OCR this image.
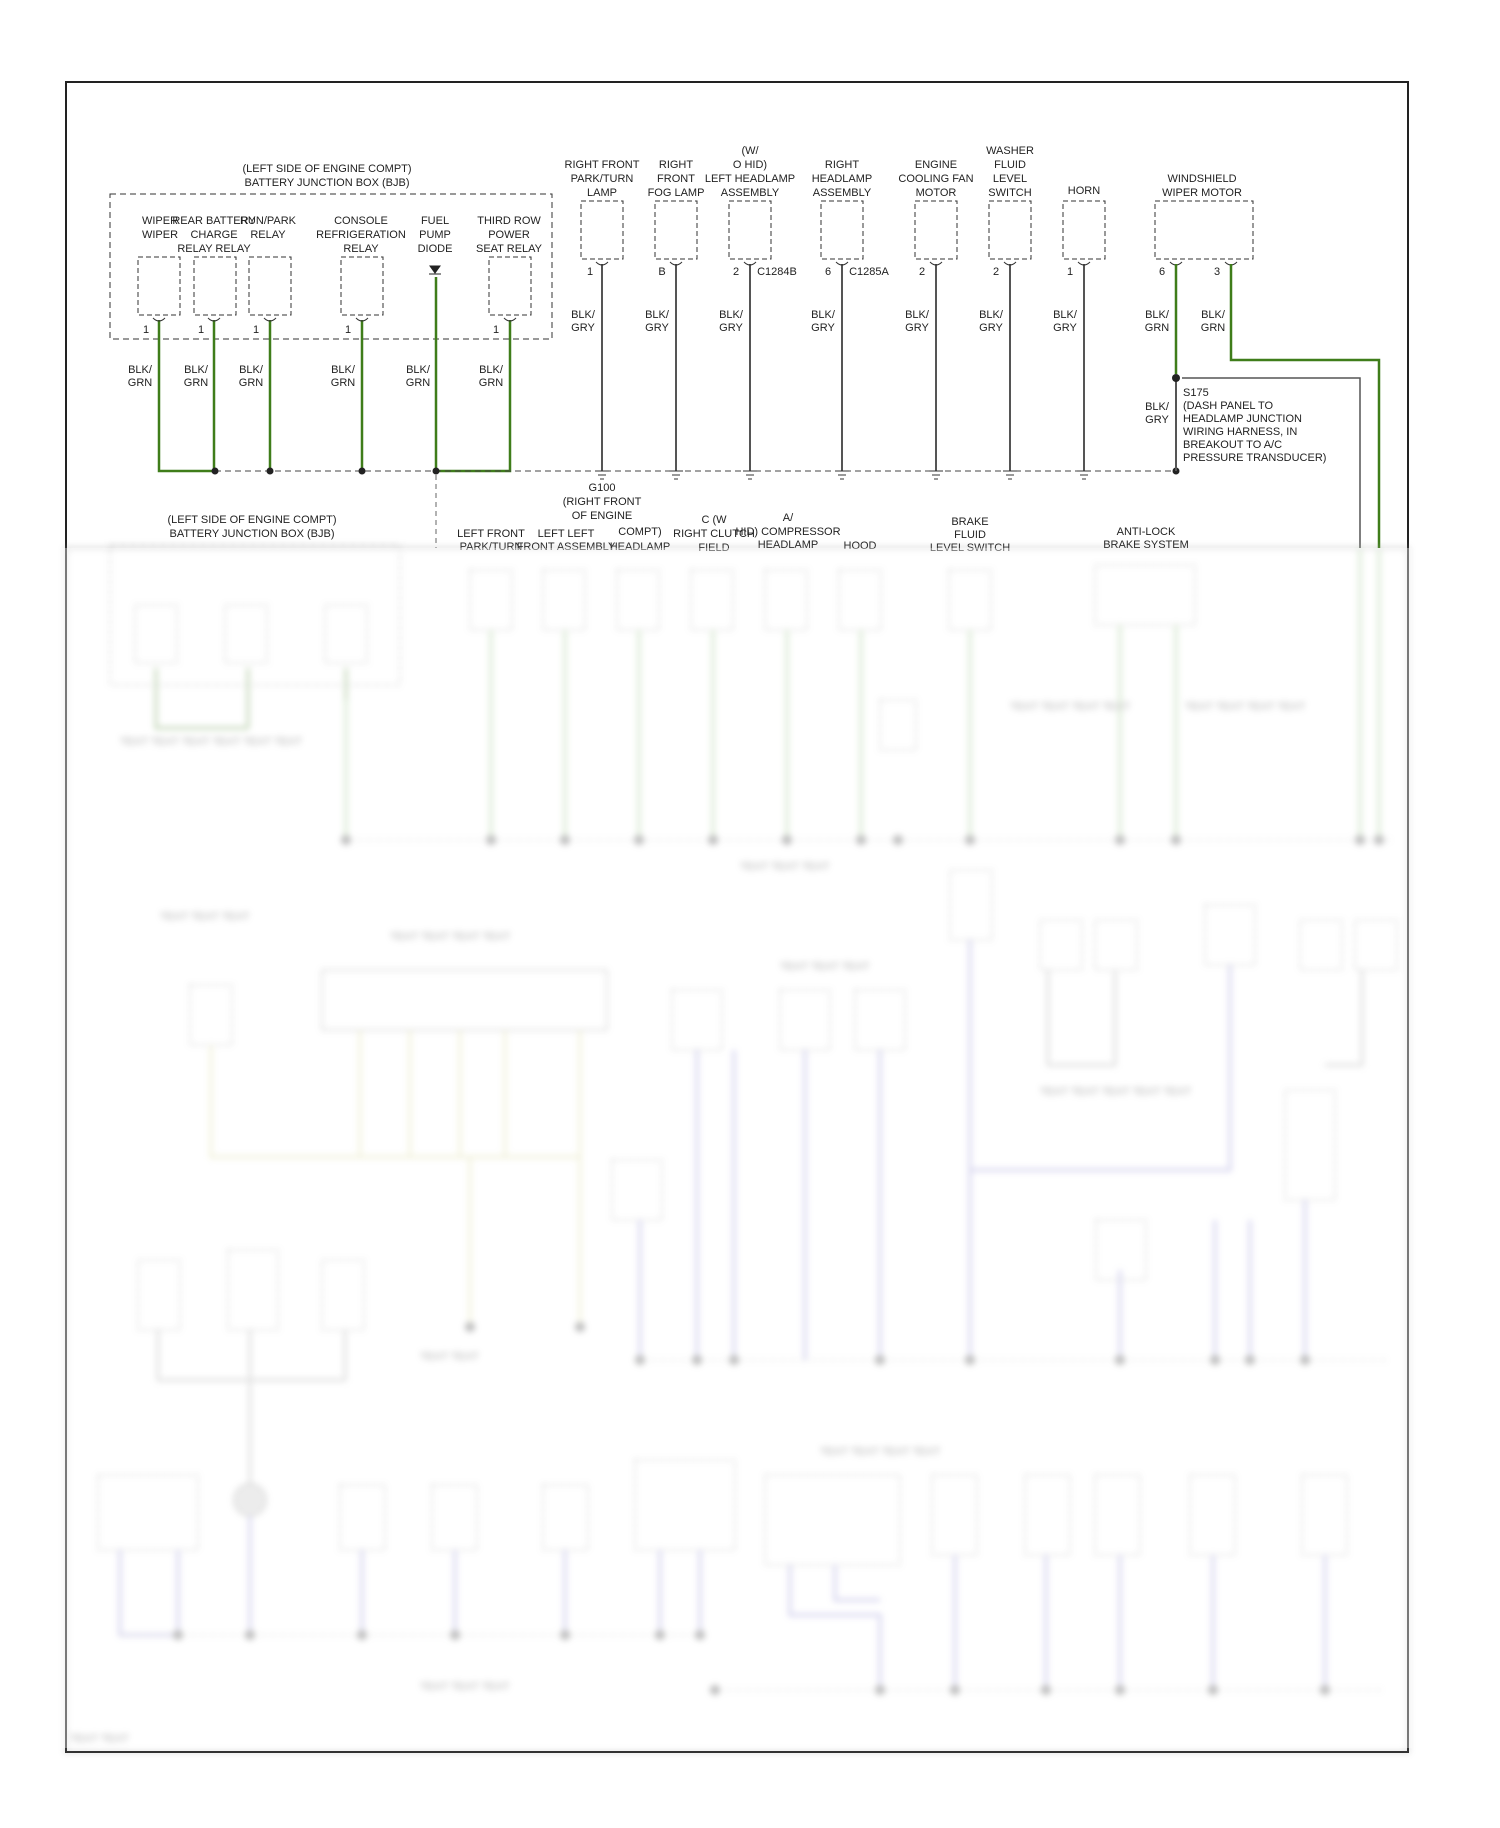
(LEFT SIDE OF ENGINE COMPT)
BATTERY JUNCTION BOX (BJB)
WIPER
WIPER
1
BLK/
GRN
REAR BATTERY
CHARGE
RELAY RELAY
1
BLK/
GRN
RUN/PARK
RELAY
1
BLK/
GRN
CONSOLE
REFRIGERATION
RELAY
1
BLK/
GRN
FUEL
PUMP
DIODE
BLK/
GRN
THIRD ROW
POWER
SEAT RELAY
1
BLK/
GRN
RIGHT FRONT
PARK/TURN
LAMP
1
BLK/
GRY
RIGHT
FRONT
FOG LAMP
B
BLK/
GRY
(W/
O HID)
LEFT HEADLAMP
ASSEMBLY
2 C1284B
BLK/
GRY
RIGHT
HEADLAMP
ASSEMBLY
6 C1285A
BLK/
GRY
ENGINE
COOLING FAN
MOTOR
2
BLK/
GRY
WASHER
FLUID
LEVEL
SWITCH
2
BLK/
GRY
HORN
1
BLK/
GRY
WINDSHIELD
WIPER MOTOR
6	3
BLK/
GRN
BLK/
GRN
S175
(DASH PANEL TO
HEADLAMP JUNCTION
WIRING HARNESS, IN
BREAKOUT TO A/C
PRESSURE TRANSDUCER)
BLK/
GRY
G100
(RIGHT FRONT
OF ENGINE
COMPT)
(LEFT SIDE OF ENGINE COMPT)
BATTERY JUNCTION BOX (BJB)	LEFT FRONT
PARK/TURN
LEFT LEFT
FRONT ASSEMBLY
HEADLAMP
C (W
RIGHT CLUTCH
FIELD
A/
HID) COMPRESSOR
HEADLAMP HOOD
BRAKE
FLUID
LEVEL SWITCH
ANTI-LOCK
BRAKE SYSTEM
TEXT TEXT TEXT TEXT TEXT TEXT
TEXT TEXT TEXT TEXT	TEXT TEXT TEXT TEXT
TEXT TEXT TEXT
TEXT TEXT TEXT
TEXT TEXT TEXT TEXT
TEXT TEXT TEXT
TEXT TEXT TEXT TEXT TEXT
TEXT TEXT
TEXT TEXT TEXT TEXT
TEXT TEXT TEXT
TEXT TEXT
